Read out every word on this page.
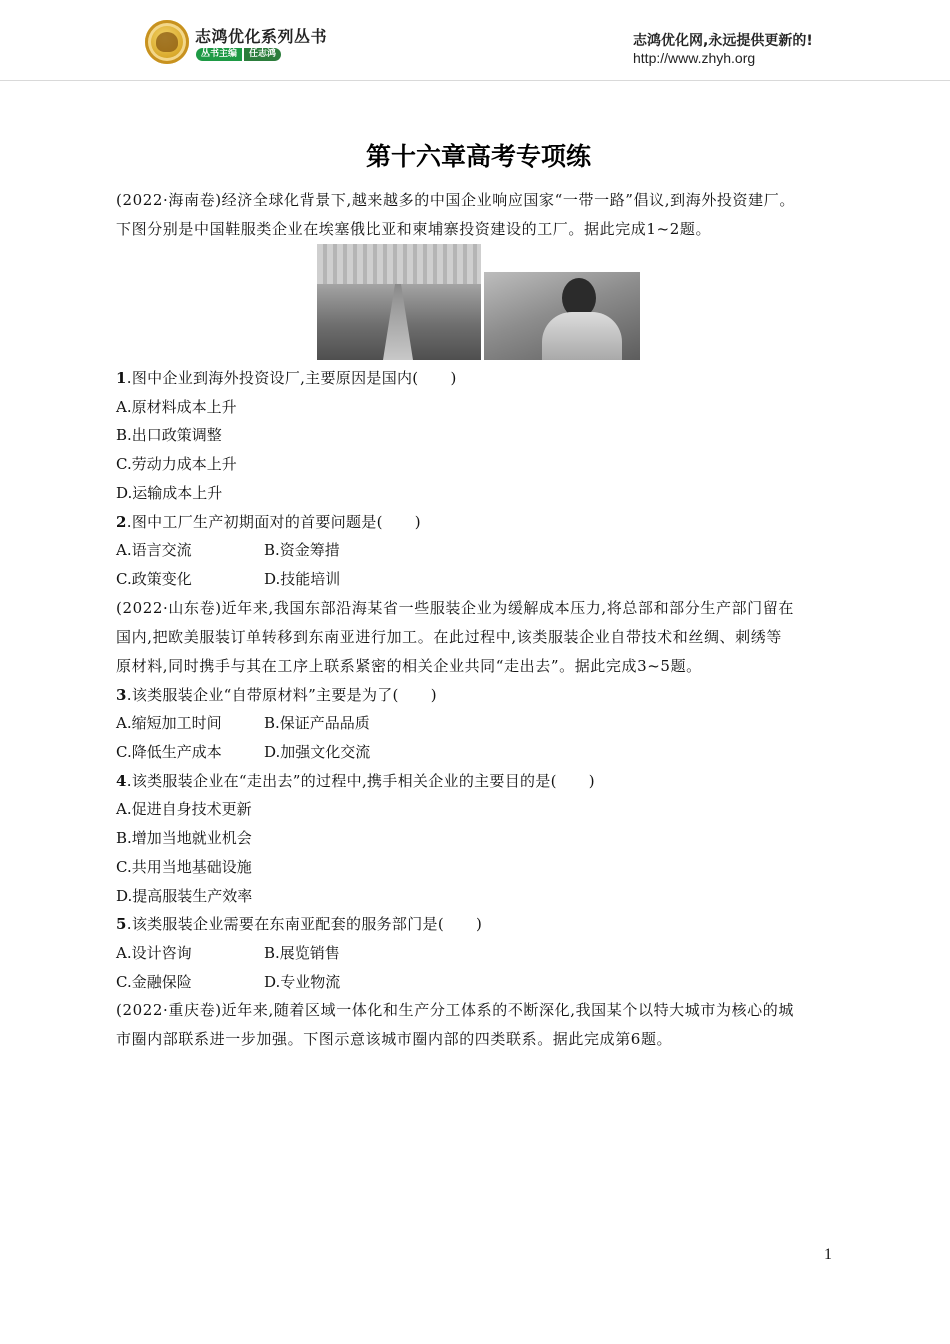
志鸿优化系列丛书
丛书主编	任志鸿
志鸿优化网,永远提供更新的!
http://www.zhyh.org
第十六章高考专项练

(2022·海南卷)经济全球化背景下,越来越多的中国企业响应国家“一带一路”倡议,到海外投资建厂。

下图分别是中国鞋服类企业在埃塞俄比亚和柬埔寨投资建设的工厂。据此完成1~2题。

1.图中企业到海外投资设厂,主要原因是国内( )

A.原材料成本上升

B.出口政策调整

C.劳动力成本上升

D.运输成本上升

2.图中工厂生产初期面对的首要问题是( )

A.语言交流	B.资金筹措
C.政策变化	D.技能培训

(2022·山东卷)近年来,我国东部沿海某省一些服装企业为缓解成本压力,将总部和部分生产部门留在

国内,把欧美服装订单转移到东南亚进行加工。在此过程中,该类服装企业自带技术和丝绸、刺绣等

原材料,同时携手与其在工序上联系紧密的相关企业共同“走出去”。据此完成3~5题。

3.该类服装企业“自带原材料”主要是为了( )

A.缩短加工时间	B.保证产品品质
C.降低生产成本	D.加强文化交流

4.该类服装企业在“走出去”的过程中,携手相关企业的主要目的是( )

A.促进自身技术更新

B.增加当地就业机会

C.共用当地基础设施

D.提高服装生产效率

5.该类服装企业需要在东南亚配套的服务部门是( )

A.设计咨询	B.展览销售
C.金融保险	D.专业物流

(2022·重庆卷)近年来,随着区域一体化和生产分工体系的不断深化,我国某个以特大城市为核心的城

市圈内部联系进一步加强。下图示意该城市圈内部的四类联系。据此完成第6题。

1
